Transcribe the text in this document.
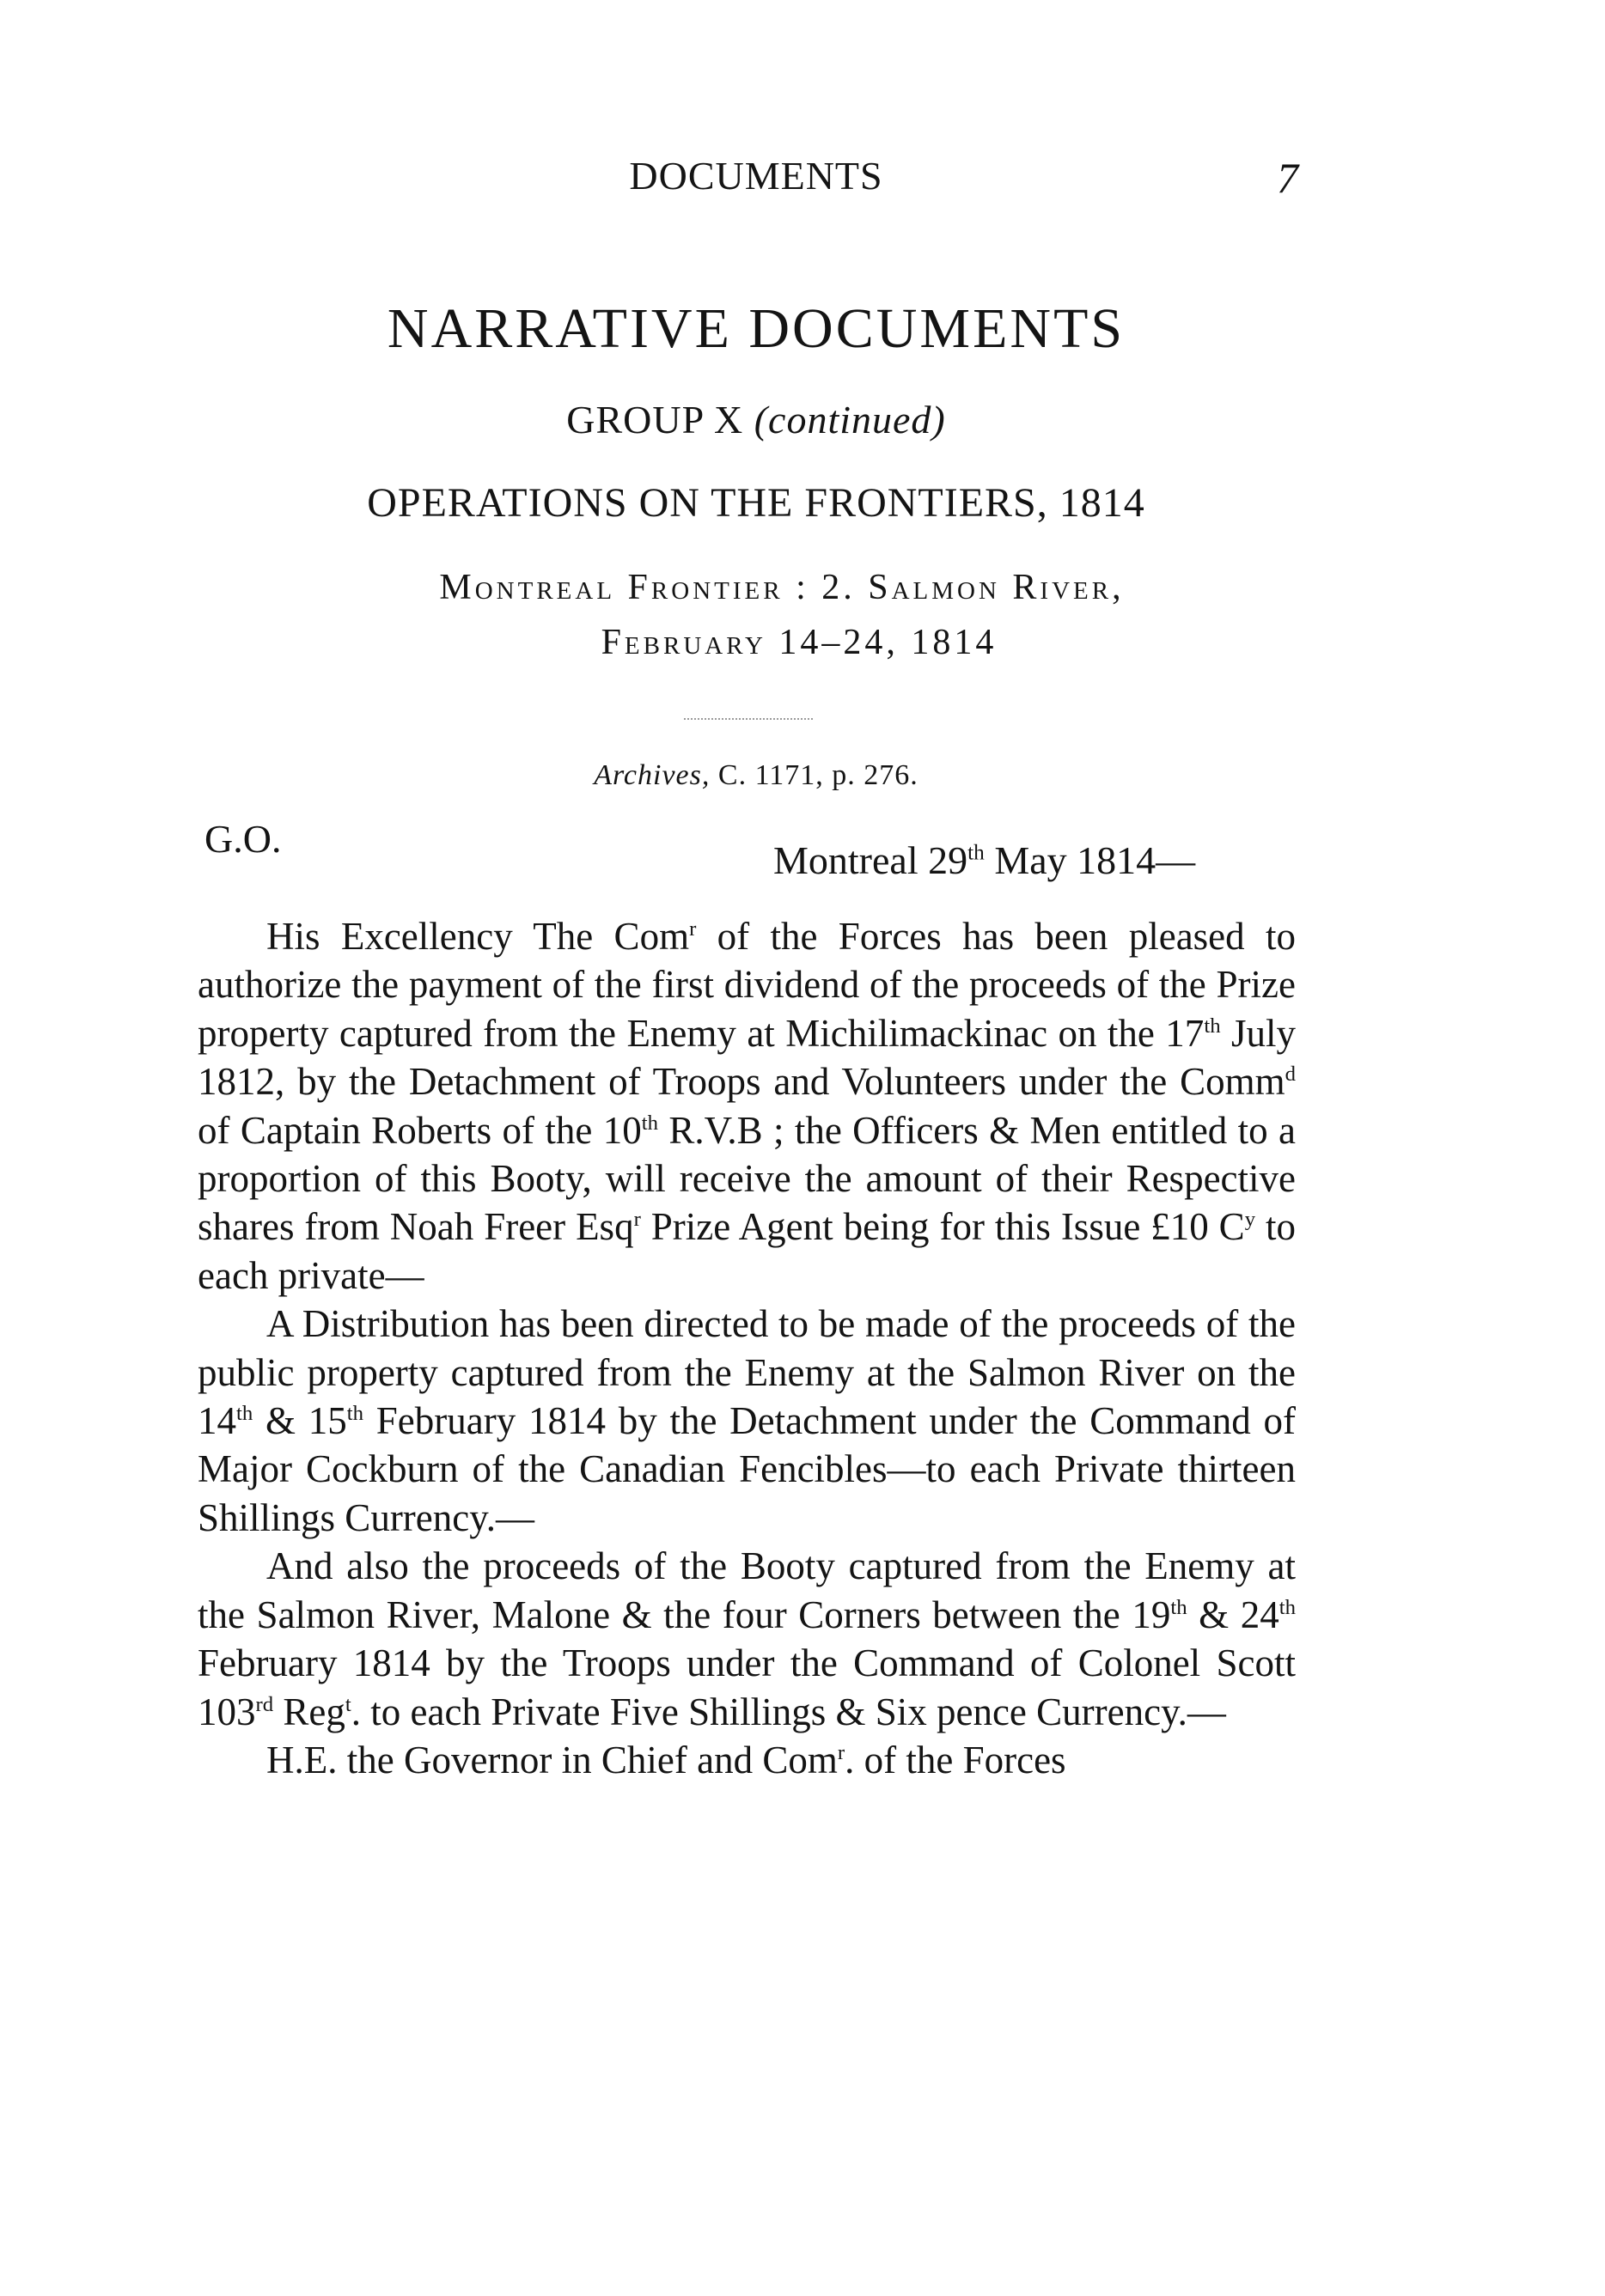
DOCUMENTS	7
NARRATIVE DOCUMENTS
GROUP X (continued)
OPERATIONS ON THE FRONTIERS, 1814
Montreal Frontier : 2. Salmon River,
February 14–24, 1814
Archives, C. 1171, p. 276.
G.O.	Montreal 29th May 1814—

His Excellency The Com$^r$ of the Forces has been pleased to authorize the payment of the first dividend of the proceeds of the Prize property captured from the Enemy at Michilimackinac on the 17th July 1812, by the Detachment of Troops and Volunteers under the Comm$^d$ of Captain Roberts of the 10th R.V.B ; the Officers & Men entitled to a proportion of this Booty, will receive the amount of their Respective shares from Noah Freer Esq$^r$ Prize Agent being for this Issue £10 $C^y$ to each private—

A Distribution has been directed to be made of the proceeds of the public property captured from the Enemy at the Salmon River on the 14th & 15th February 1814 by the Detachment under the Command of Major Cockburn of the Canadian Fencibles—to each Private thirteen Shillings Currency.—

And also the proceeds of the Booty captured from the Enemy at the Salmon River, Malone & the four Corners between the 19th & 24th February 1814 by the Troops under the Command of Colonel Scott 103rd Reg$^t$. to each Private Five Shillings & Six pence Currency.—

H.E. the Governor in Chief and Com$^r$. of the Forces
